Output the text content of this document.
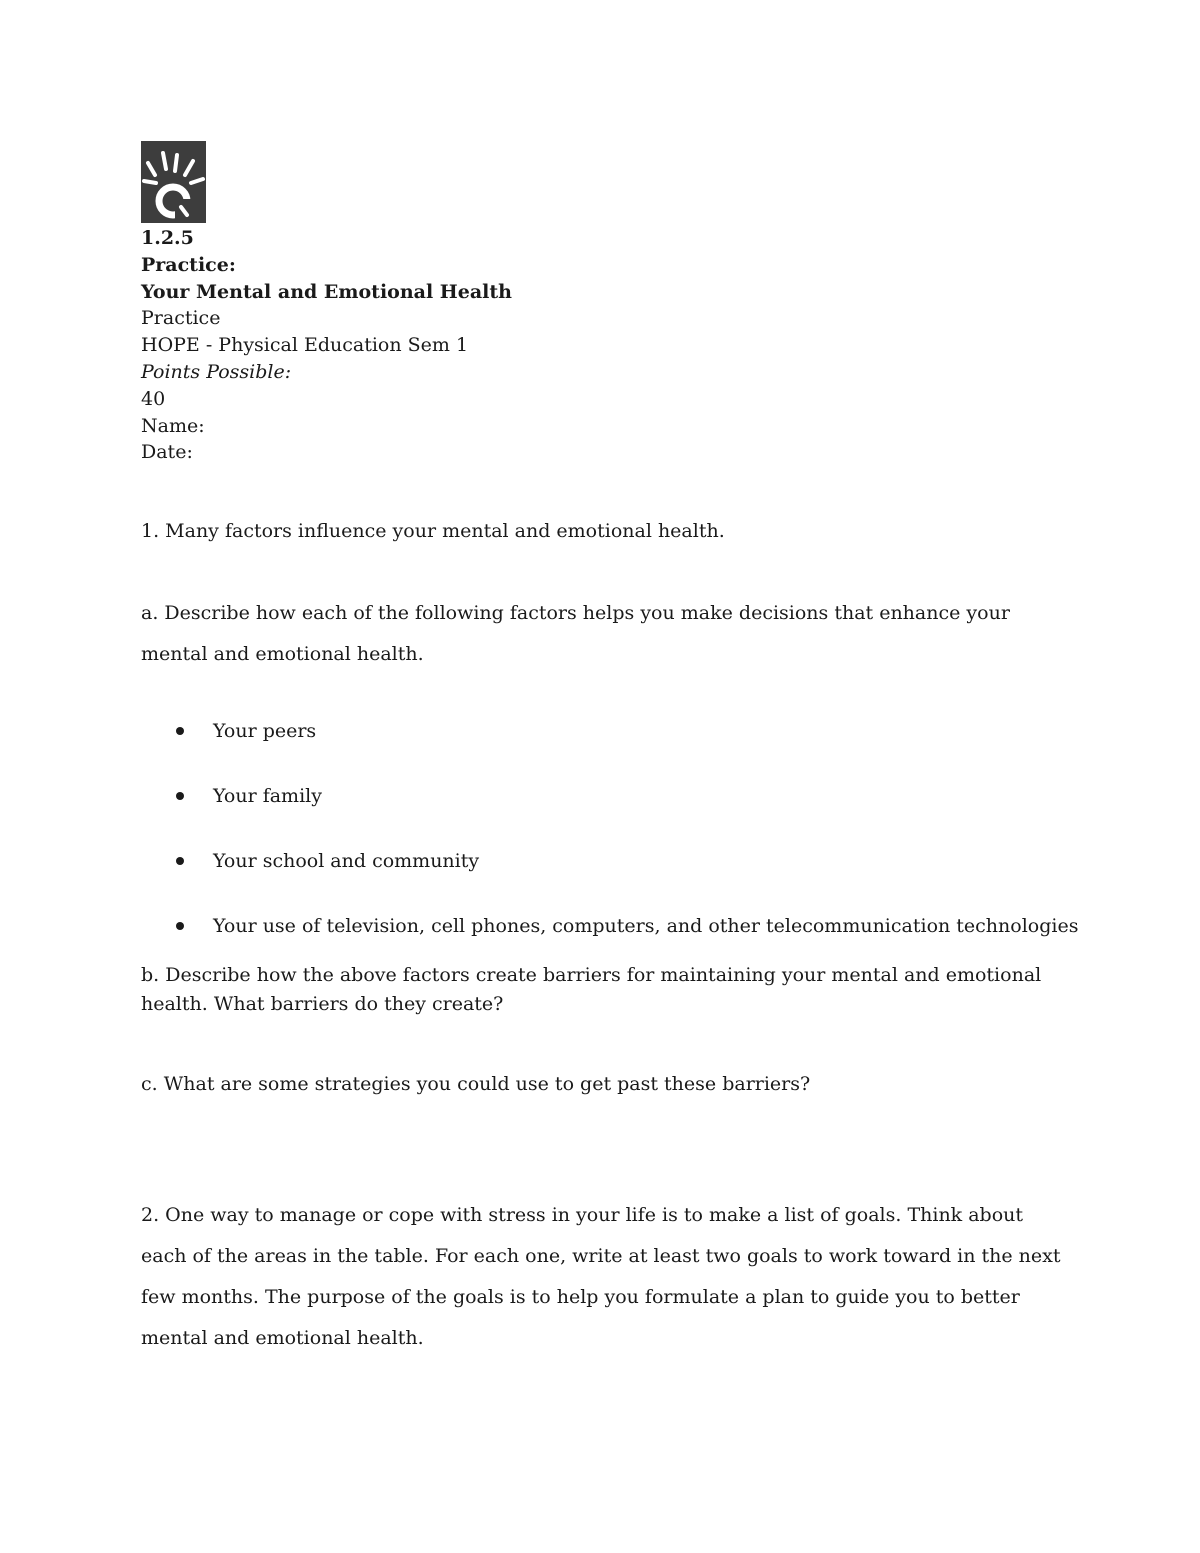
1.2.5
Practice:
Your Mental and Emotional Health
Practice
HOPE - Physical Education Sem 1
Points Possible:
40
Name:
Date:
1. Many factors influence your mental and emotional health.
a. Describe how each of the following factors helps you make decisions that enhance your mental and emotional health.
Your peers
Your family
Your school and community
Your use of television, cell phones, computers, and other telecommunication technologies
b. Describe how the above factors create barriers for maintaining your mental and emotional health. What barriers do they create?
c. What are some strategies you could use to get past these barriers?
2. One way to manage or cope with stress in your life is to make a list of goals. Think about each of the areas in the table. For each one, write at least two goals to work toward in the next few months. The purpose of the goals is to help you formulate a plan to guide you to better mental and emotional health.
